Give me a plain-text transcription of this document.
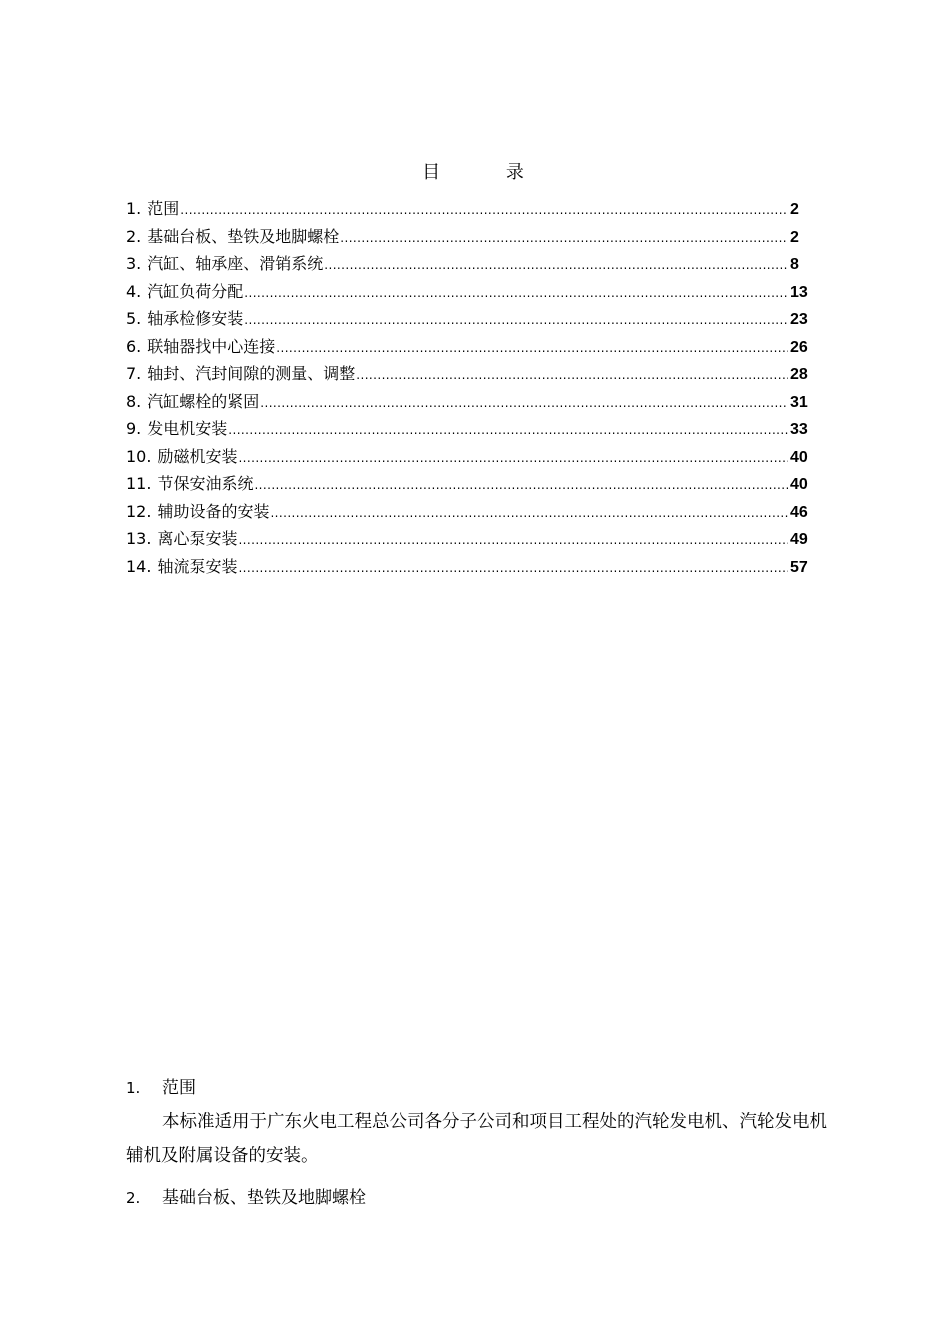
目 录
1. 范围 .....	2
2. 基础台板、垫铁及地脚螺栓 .....	2
3. 汽缸、轴承座、滑销系统 .....	8
4. 汽缸负荷分配 .....	13
5. 轴承检修安装 .....	23
6. 联轴器找中心连接 .....	26
7. 轴封、汽封间隙的测量、调整 .....	28
8. 汽缸螺栓的紧固 .....	31
9. 发电机安装 .....	33
10. 励磁机安装 .....	40
11. 节保安油系统 .....	40
12. 辅助设备的安装 .....	46
13. 离心泵安装 .....	49
14. 轴流泵安装 .....	57
1.	范围

本标准适用于广东火电工程总公司各分子公司和项目工程处的汽轮发电机、汽轮发电机辅机及附属设备的安装。

2.	基础台板、垫铁及地脚螺栓
